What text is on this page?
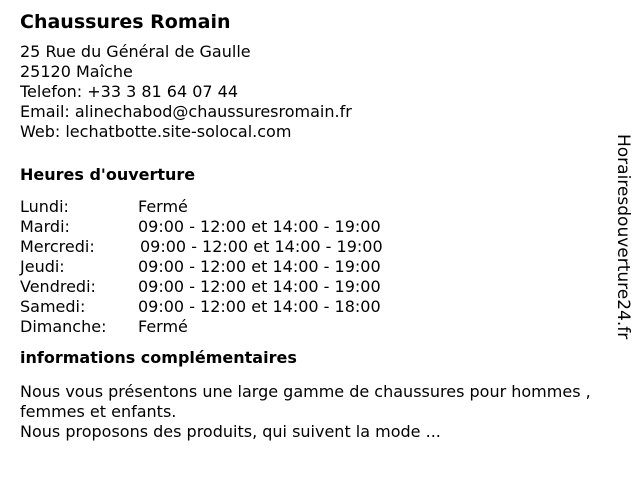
Chaussures Romain
25 Rue du Général de Gaulle
25120 Maîche
Telefon: +33 3 81 64 07 44
Email: alinechabod@chaussuresromain.fr
Web: lechatbotte.site-solocal.com
Heures d'ouverture
Lundi:	Fermé
Mardi:	09:00 - 12:00 et 14:00 - 19:00
Mercredi:	09:00 - 12:00 et 14:00 - 19:00
Jeudi:	09:00 - 12:00 et 14:00 - 19:00
Vendredi:	09:00 - 12:00 et 14:00 - 19:00
Samedi:	09:00 - 12:00 et 14:00 - 18:00
Dimanche:	Fermé
informations complémentaires
Nous vous présentons une large gamme de chaussures pour hommes , femmes et enfants.
Nous proposons des produits, qui suivent la mode ...
Horairesdouverture24.fr
